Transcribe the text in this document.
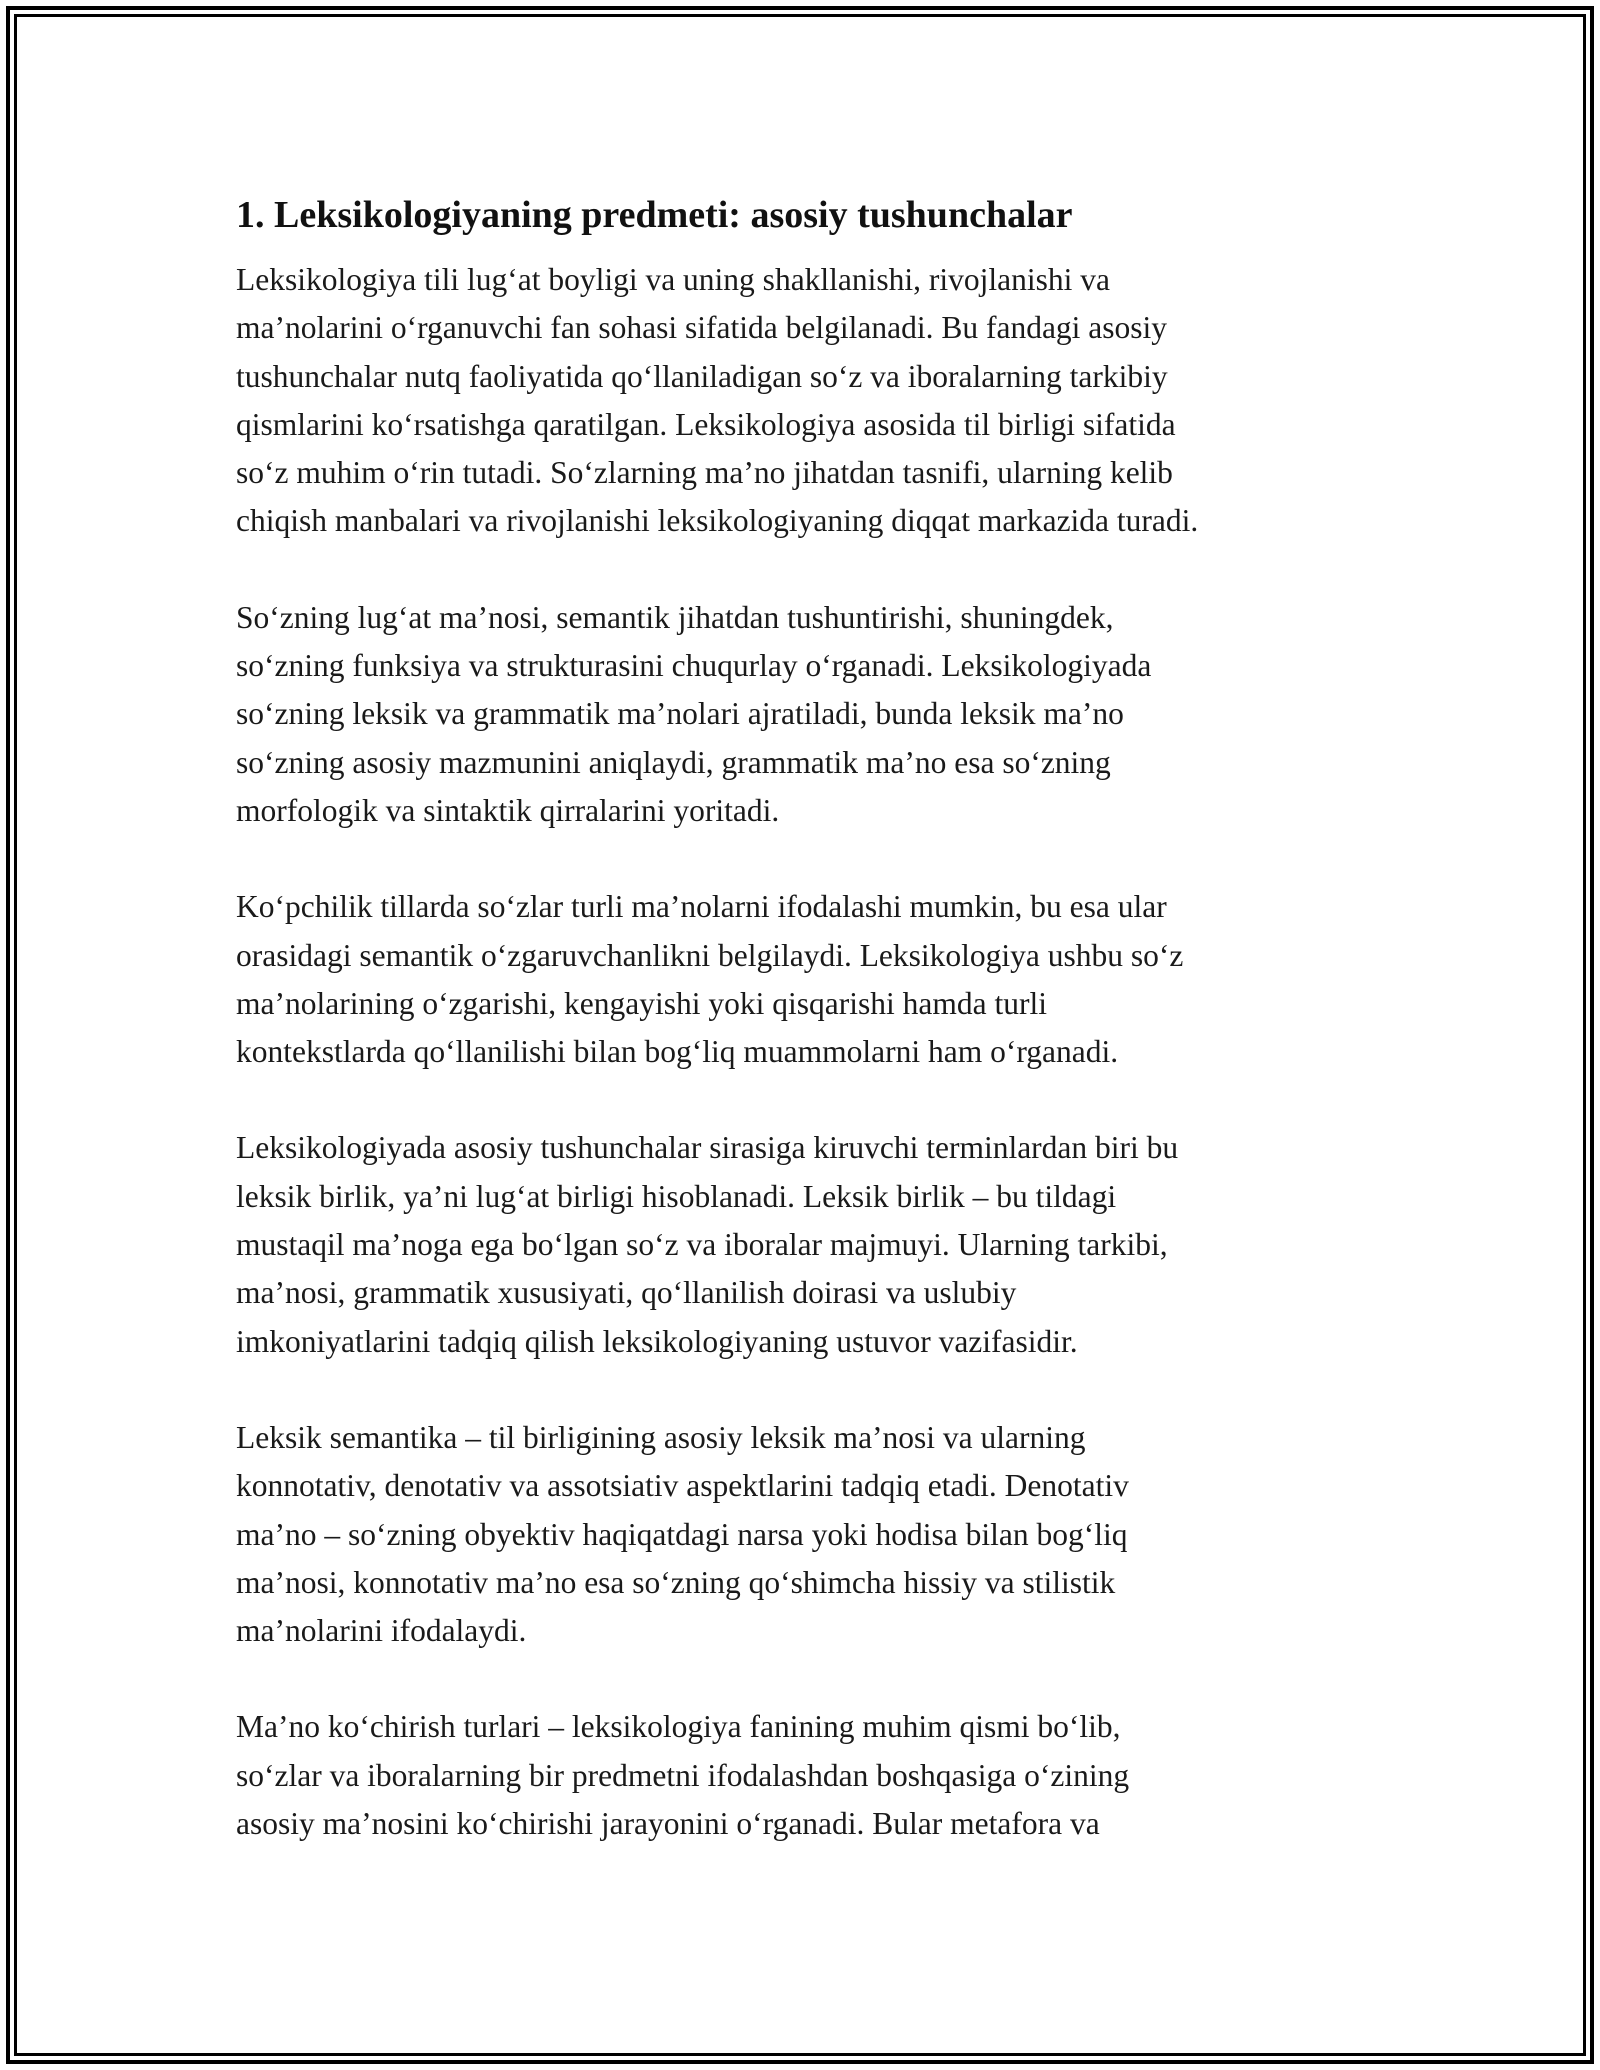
1. Leksikologiyaning predmeti: asosiy tushunchalar

Leksikologiya tili lug‘at boyligi va uning shakllanishi, rivojlanishi va
ma’nolarini o‘rganuvchi fan sohasi sifatida belgilanadi. Bu fandagi asosiy
tushunchalar nutq faoliyatida qo‘llaniladigan so‘z va iboralarning tarkibiy
qismlarini ko‘rsatishga qaratilgan. Leksikologiya asosida til birligi sifatida
so‘z muhim o‘rin tutadi. So‘zlarning ma’no jihatdan tasnifi, ularning kelib
chiqish manbalari va rivojlanishi leksikologiyaning diqqat markazida turadi.

So‘zning lug‘at ma’nosi, semantik jihatdan tushuntirishi, shuningdek,
so‘zning funksiya va strukturasini chuqurlay o‘rganadi. Leksikologiyada
so‘zning leksik va grammatik ma’nolari ajratiladi, bunda leksik ma’no
so‘zning asosiy mazmunini aniqlaydi, grammatik ma’no esa so‘zning
morfologik va sintaktik qirralarini yoritadi.

Ko‘pchilik tillarda so‘zlar turli ma’nolarni ifodalashi mumkin, bu esa ular
orasidagi semantik o‘zgaruvchanlikni belgilaydi. Leksikologiya ushbu so‘z
ma’nolarining o‘zgarishi, kengayishi yoki qisqarishi hamda turli
kontekstlarda qo‘llanilishi bilan bog‘liq muammolarni ham o‘rganadi.

Leksikologiyada asosiy tushunchalar sirasiga kiruvchi terminlardan biri bu
leksik birlik, ya’ni lug‘at birligi hisoblanadi. Leksik birlik – bu tildagi
mustaqil ma’noga ega bo‘lgan so‘z va iboralar majmuyi. Ularning tarkibi,
ma’nosi, grammatik xususiyati, qo‘llanilish doirasi va uslubiy
imkoniyatlarini tadqiq qilish leksikologiyaning ustuvor vazifasidir.

Leksik semantika – til birligining asosiy leksik ma’nosi va ularning
konnotativ, denotativ va assotsiativ aspektlarini tadqiq etadi. Denotativ
ma’no – so‘zning obyektiv haqiqatdagi narsa yoki hodisa bilan bog‘liq
ma’nosi, konnotativ ma’no esa so‘zning qo‘shimcha hissiy va stilistik
ma’nolarini ifodalaydi.

Ma’no ko‘chirish turlari – leksikologiya fanining muhim qismi bo‘lib,
so‘zlar va iboralarning bir predmetni ifodalashdan boshqasiga o‘zining
asosiy ma’nosini ko‘chirishi jarayonini o‘rganadi. Bular metafora va
